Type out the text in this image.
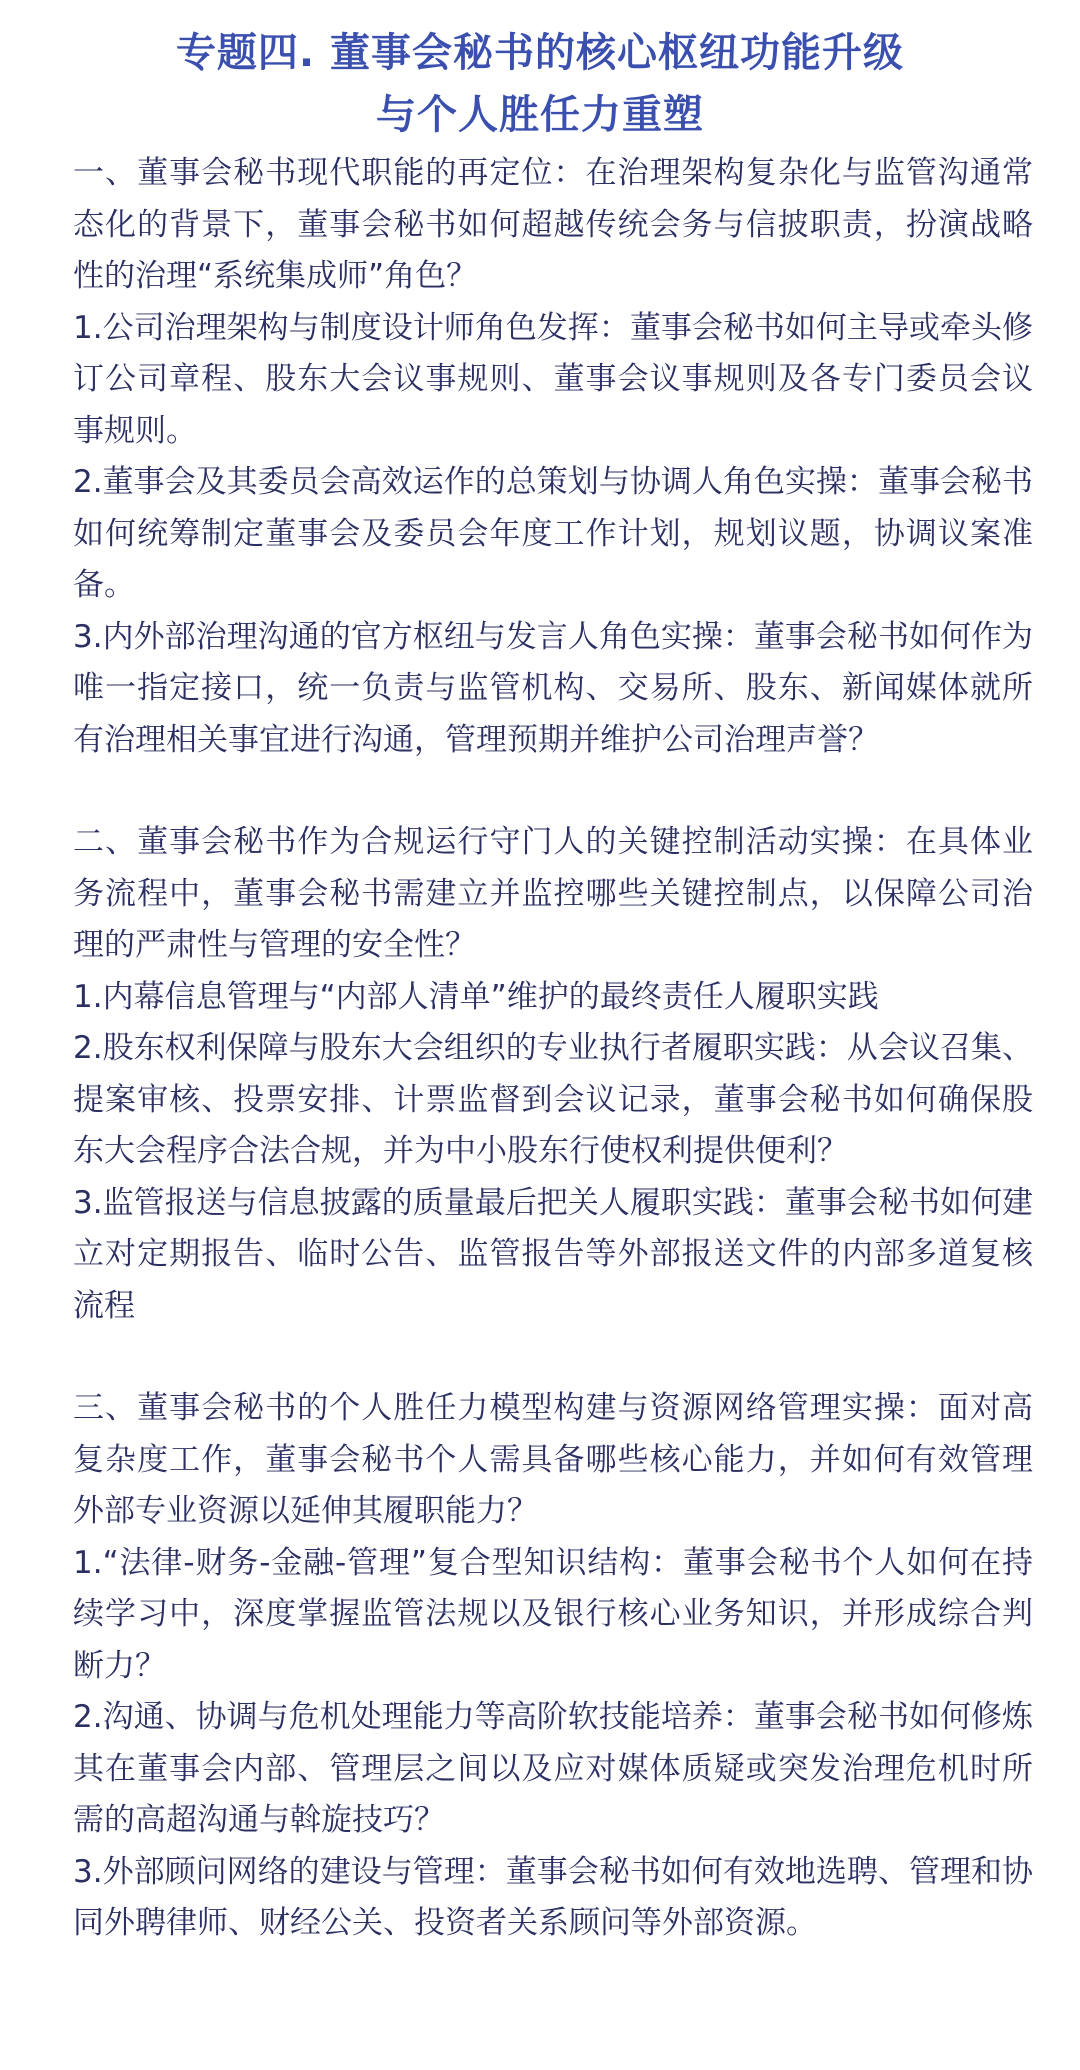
专题四. 董事会秘书的核心枢纽功能升级
与个人胜任力重塑

一、董事会秘书现代职能的再定位：在治理架构复杂化与监管沟通常态化的背景下，董事会秘书如何超越传统会务与信披职责，扮演战略性的治理“系统集成师”角色？

1.公司治理架构与制度设计师角色发挥：董事会秘书如何主导或牵头修订公司章程、股东大会议事规则、董事会议事规则及各专门委员会议事规则。

2.董事会及其委员会高效运作的总策划与协调人角色实操：董事会秘书如何统筹制定董事会及委员会年度工作计划，规划议题，协调议案准备。

3.内外部治理沟通的官方枢纽与发言人角色实操：董事会秘书如何作为唯一指定接口，统一负责与监管机构、交易所、股东、新闻媒体就所有治理相关事宜进行沟通，管理预期并维护公司治理声誉？

二、董事会秘书作为合规运行守门人的关键控制活动实操：在具体业务流程中，董事会秘书需建立并监控哪些关键控制点，以保障公司治理的严肃性与管理的安全性？

1.内幕信息管理与“内部人清单”维护的最终责任人履职实践

2.股东权利保障与股东大会组织的专业执行者履职实践：从会议召集、提案审核、投票安排、计票监督到会议记录，董事会秘书如何确保股东大会程序合法合规，并为中小股东行使权利提供便利？

3.监管报送与信息披露的质量最后把关人履职实践：董事会秘书如何建立对定期报告、临时公告、监管报告等外部报送文件的内部多道复核流程

三、董事会秘书的个人胜任力模型构建与资源网络管理实操：面对高复杂度工作，董事会秘书个人需具备哪些核心能力，并如何有效管理外部专业资源以延伸其履职能力？

1.“法律-财务-金融-管理”复合型知识结构：董事会秘书个人如何在持续学习中，深度掌握监管法规以及银行核心业务知识，并形成综合判断力？

2.沟通、协调与危机处理能力等高阶软技能培养：董事会秘书如何修炼其在董事会内部、管理层之间以及应对媒体质疑或突发治理危机时所需的高超沟通与斡旋技巧？

3.外部顾问网络的建设与管理：董事会秘书如何有效地选聘、管理和协同外聘律师、财经公关、投资者关系顾问等外部资源。
